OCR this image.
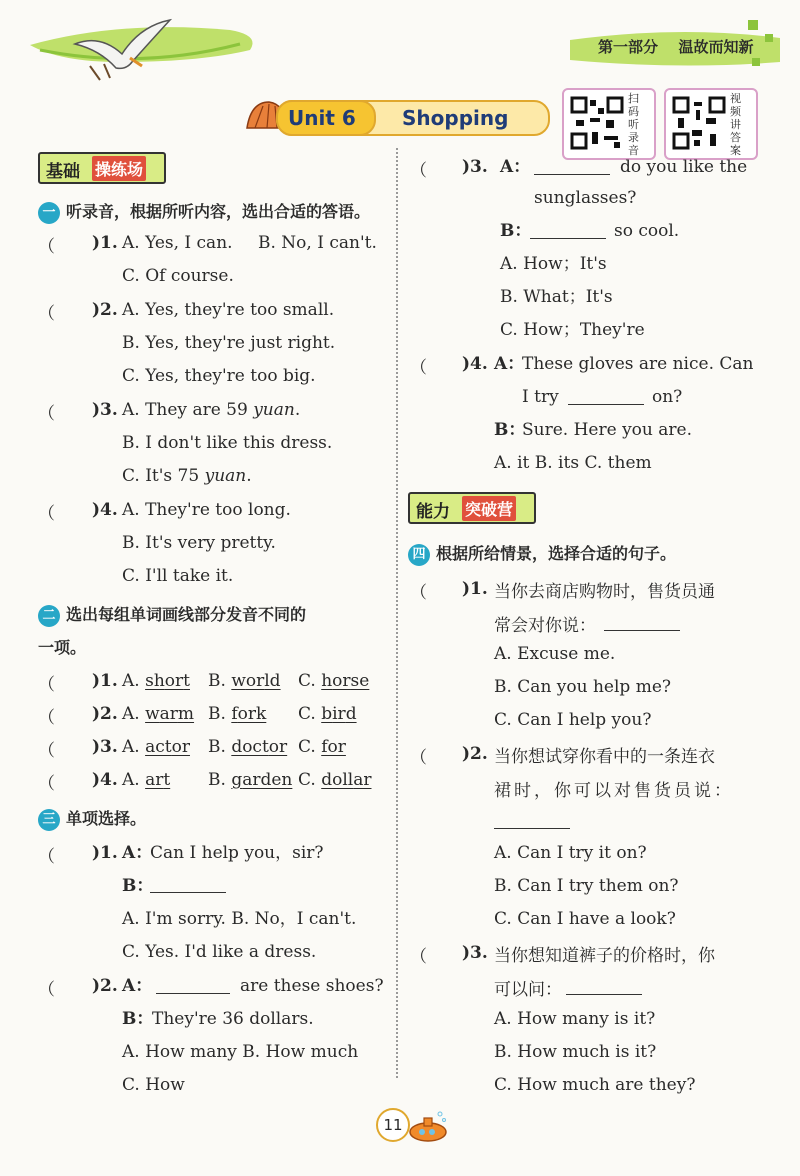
第一部分 温故而知新
Unit 6 Shopping
扫码听录音
视频讲答案
基础 操练场
一 听录音，根据所听内容，选出合适的答语。
（ )1. A. Yes, I can. B. No, I can't.
C. Of course.
（ )2. A. Yes, they're too small.
B. Yes, they're just right.
C. Yes, they're too big.
（ )3. A. They are 59 yuan.
B. I don't like this dress.
C. It's 75 yuan.
（ )4. A. They're too long.
B. It's very pretty.
C. I'll take it.
二 选出每组单词画线部分发音不同的
一项。
（ )1. A. short B. world C. horse
（ )2. A. warm B. fork C. bird
（ )3. A. actor B. doctor C. for
（ )4. A. art B. garden C. dollar
三 单项选择。
（ )1. A：
Can I help you，sir?
B：
A. I'm sorry. B. No，I can't.
C. Yes. I'd like a dress.
（ )2. A：	are these shoes?
B：
They're 36 dollars.
A. How many B. How much
C. How
（ )3. A：	do you like the
sunglasses?
B：	so cool.
A. How；It's
B. What；It's
C. How；They're
（ )4. A：
These gloves are nice. Can
I try	on?
B：
Sure. Here you are.
A. it B. its C. them
能力 突破营
四 根据所给情景，选择合适的句子。
（ )1. 当你去商店购物时，售货员通
常会对你说：
A. Excuse me.
B. Can you help me?
C. Can I help you?
（ )2. 当你想试穿你看中的一条连衣
裙时，你可以对售货员说：
A. Can I try it on?
B. Can I try them on?
C. Can I have a look?
（ )3. 当你想知道裤子的价格时，你
可以问：
A. How many is it?
B. How much is it?
C. How much are they?
11
